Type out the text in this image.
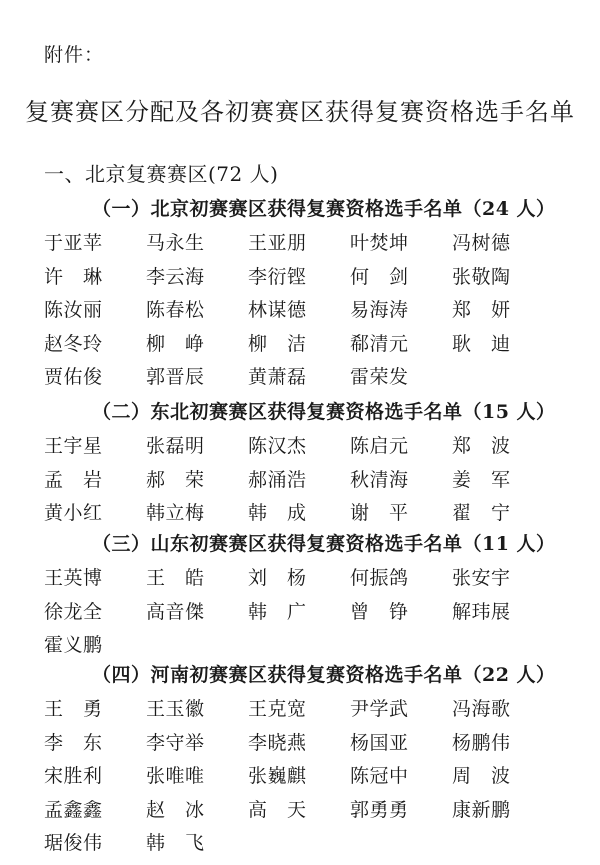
附件：
复赛赛区分配及各初赛赛区获得复赛资格选手名单
一、北京复赛赛区(72 人)
（一）北京初赛赛区获得复赛资格选手名单（24 人）
于亚苹 马永生 王亚朋 叶焚坤 冯树德
许　琳 李云海 李衍铿 何　剑 张敬陶
陈汝丽 陈春松 林谋德 易海涛 郑　妍
赵冬玲 柳　峥 柳　洁 郗清元 耿　迪
贾佑俊 郭晋辰 黄萧磊 雷荣发
（二）东北初赛赛区获得复赛资格选手名单（15 人）
王宇星 张磊明 陈汉杰 陈启元 郑　波
孟　岩 郝　荣 郝涌浩 秋清海 姜　军
黄小红 韩立梅 韩　成 谢　平 翟　宁
（三）山东初赛赛区获得复赛资格选手名单（11 人）
王英博 王　皓 刘　杨 何振鸽 张安宇
徐龙全 高音傑 韩　广 曾　铮 解玮展
霍义鹏
（四）河南初赛赛区获得复赛资格选手名单（22 人）
王　勇 王玉徽 王克宽 尹学武 冯海歌
李　东 李守举 李晓燕 杨国亚 杨鹏伟
宋胜利 张唯唯 张巍麒 陈冠中 周　波
孟鑫鑫 赵　冰 高　天 郭勇勇 康新鹏
琚俊伟 韩　飞
